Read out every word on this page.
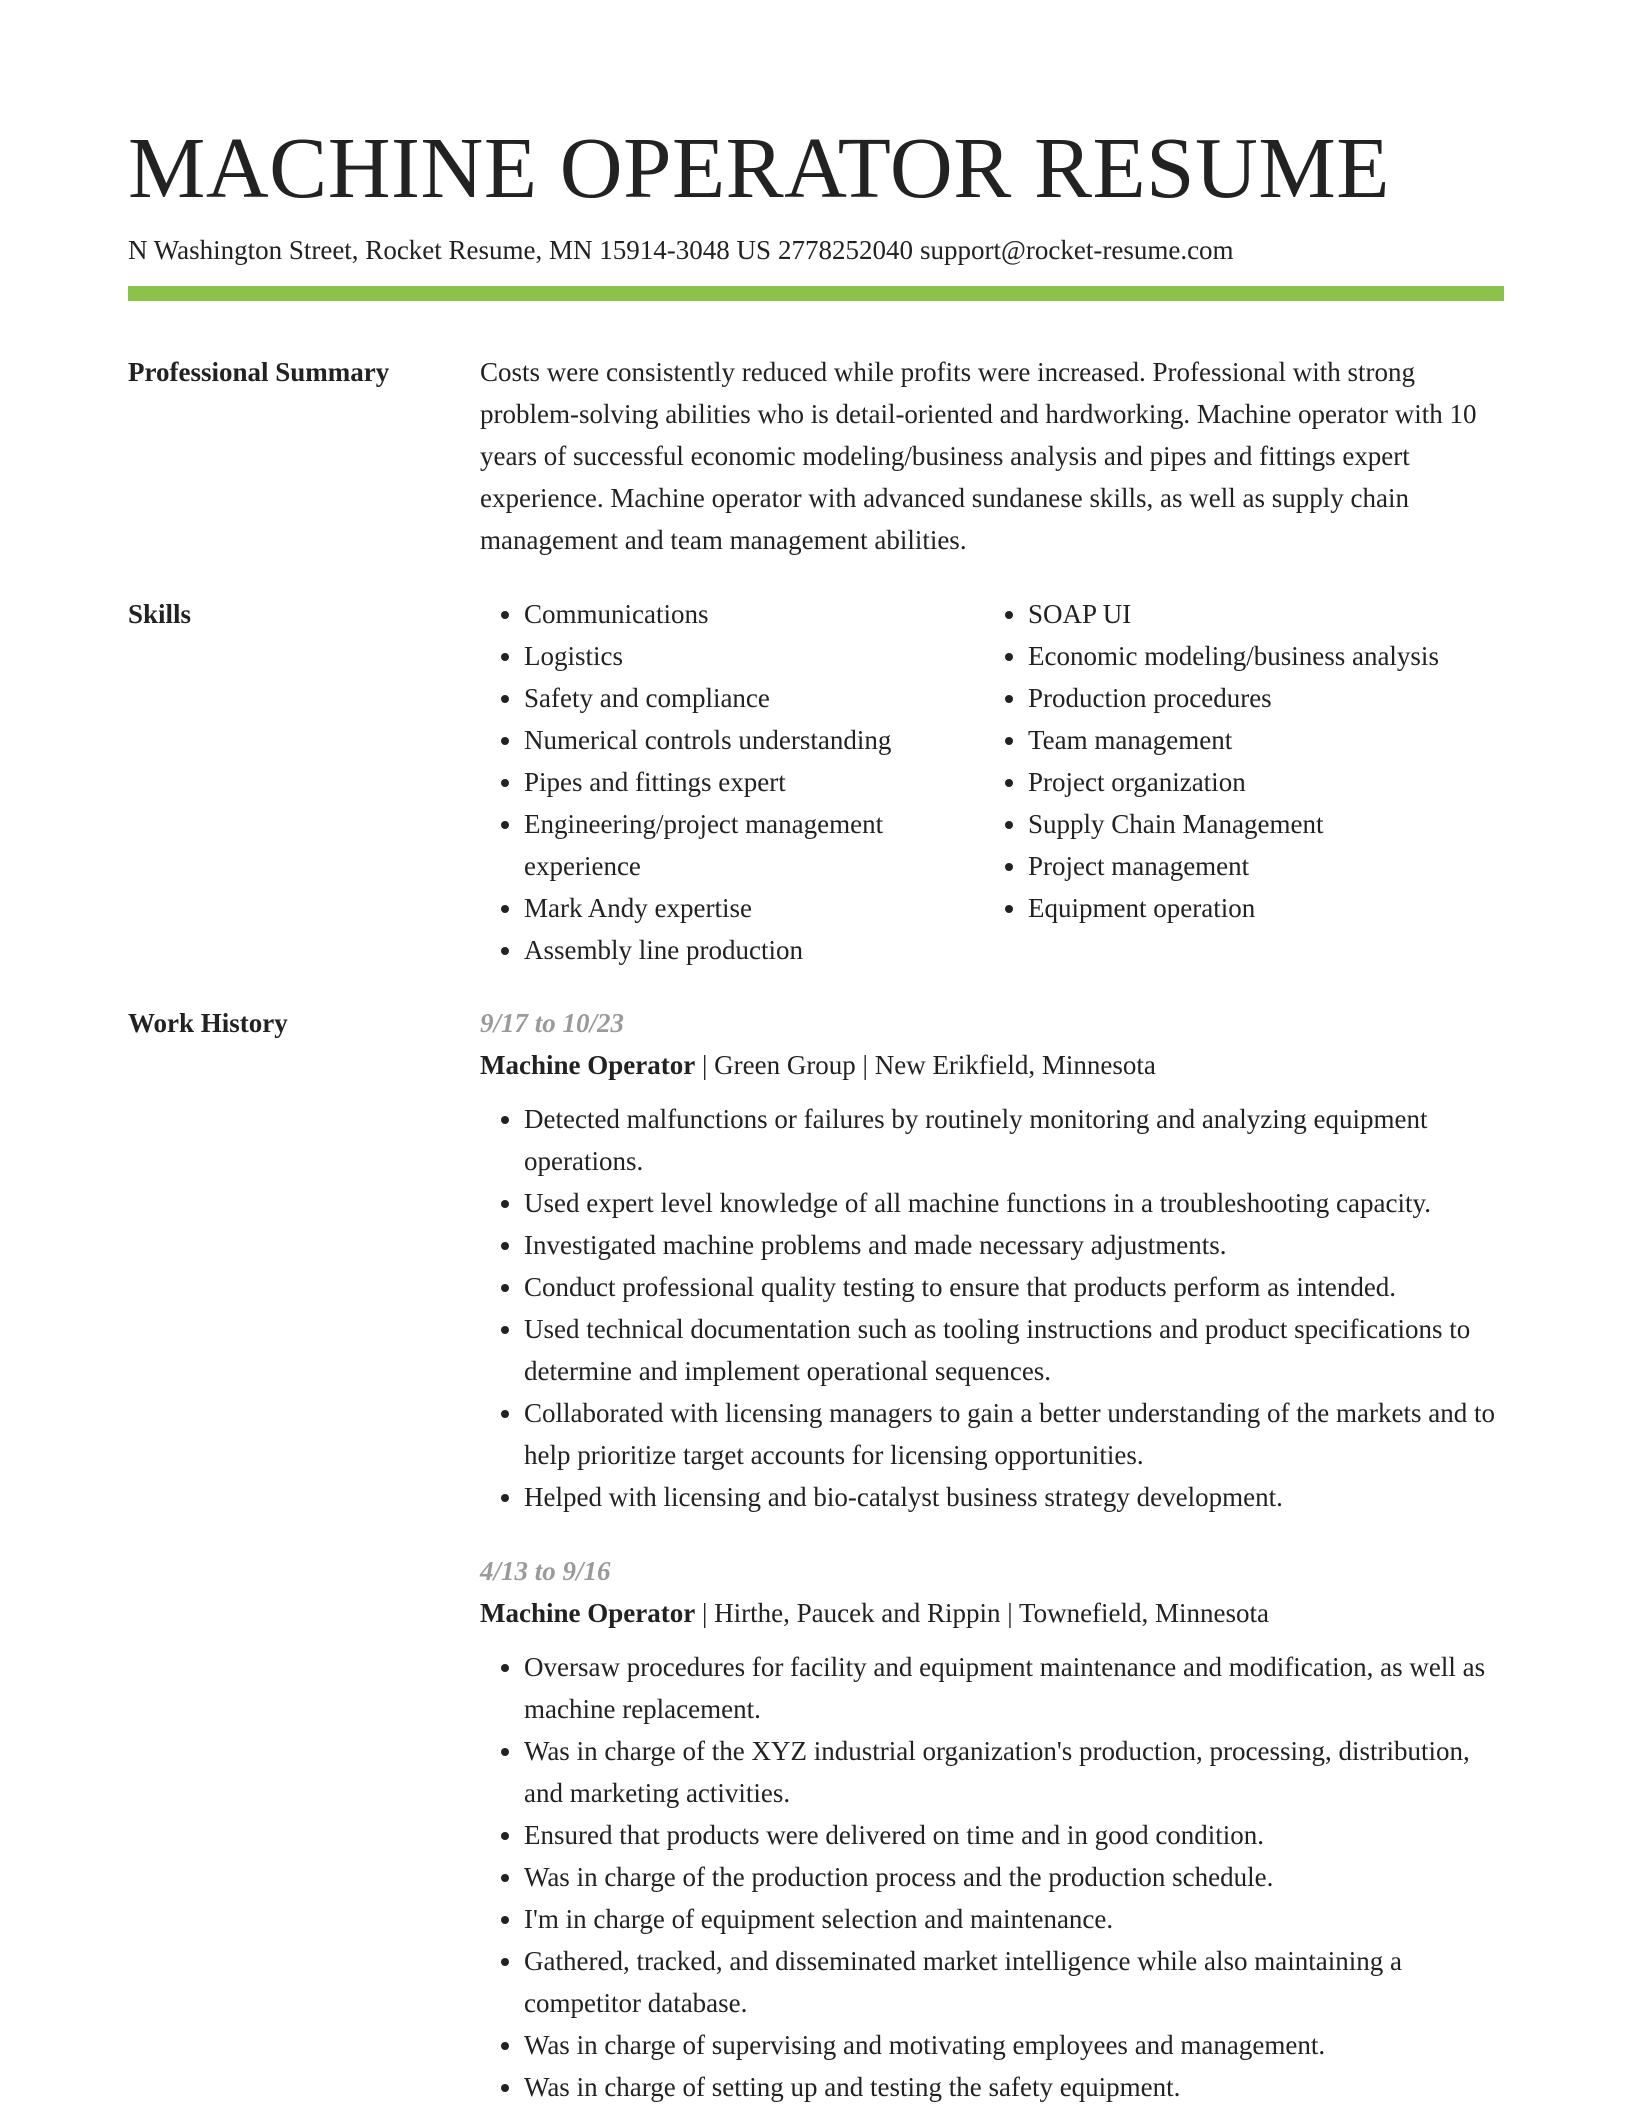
MACHINE OPERATOR RESUME
N Washington Street, Rocket Resume, MN 15914-3048 US 2778252040 support@rocket-resume.com
Professional Summary	Costs were consistently reduced while profits were increased. Professional with strong problem-solving abilities who is detail-oriented and hardworking. Machine operator with 10 years of successful economic modeling/business analysis and pipes and fittings expert experience. Machine operator with advanced sundanese skills, as well as supply chain management and team management abilities.

Skills
•	Communications
• Logistics
• Safety and compliance
• Numerical controls understanding
• Pipes and fittings expert
• Engineering/project management experience
• Mark Andy expertise
• Assembly line production
• SOAP UI
• Economic modeling/business analysis
• Production procedures
• Team management
• Project organization
• Supply Chain Management
• Project management
• Equipment operation
Work History	9/17 to 10/23

Machine Operator | Green Group | New Erikfield, Minnesota

• Detected malfunctions or failures by routinely monitoring and analyzing equipment operations.
• Used expert level knowledge of all machine functions in a troubleshooting capacity.
• Investigated machine problems and made necessary adjustments.
• Conduct professional quality testing to ensure that products perform as intended.
• Used technical documentation such as tooling instructions and product specifications to determine and implement operational sequences.
• Collaborated with licensing managers to gain a better understanding of the markets and to help prioritize target accounts for licensing opportunities.
• Helped with licensing and bio-catalyst business strategy development.

4/13 to 9/16

Machine Operator | Hirthe, Paucek and Rippin | Townefield, Minnesota

• Oversaw procedures for facility and equipment maintenance and modification, as well as machine replacement.
• Was in charge of the XYZ industrial organization's production, processing, distribution, and marketing activities.
• Ensured that products were delivered on time and in good condition.
• Was in charge of the production process and the production schedule.
• I'm in charge of equipment selection and maintenance.
• Gathered, tracked, and disseminated market intelligence while also maintaining a competitor database.
• Was in charge of supervising and motivating employees and management.
• Was in charge of setting up and testing the safety equipment.
